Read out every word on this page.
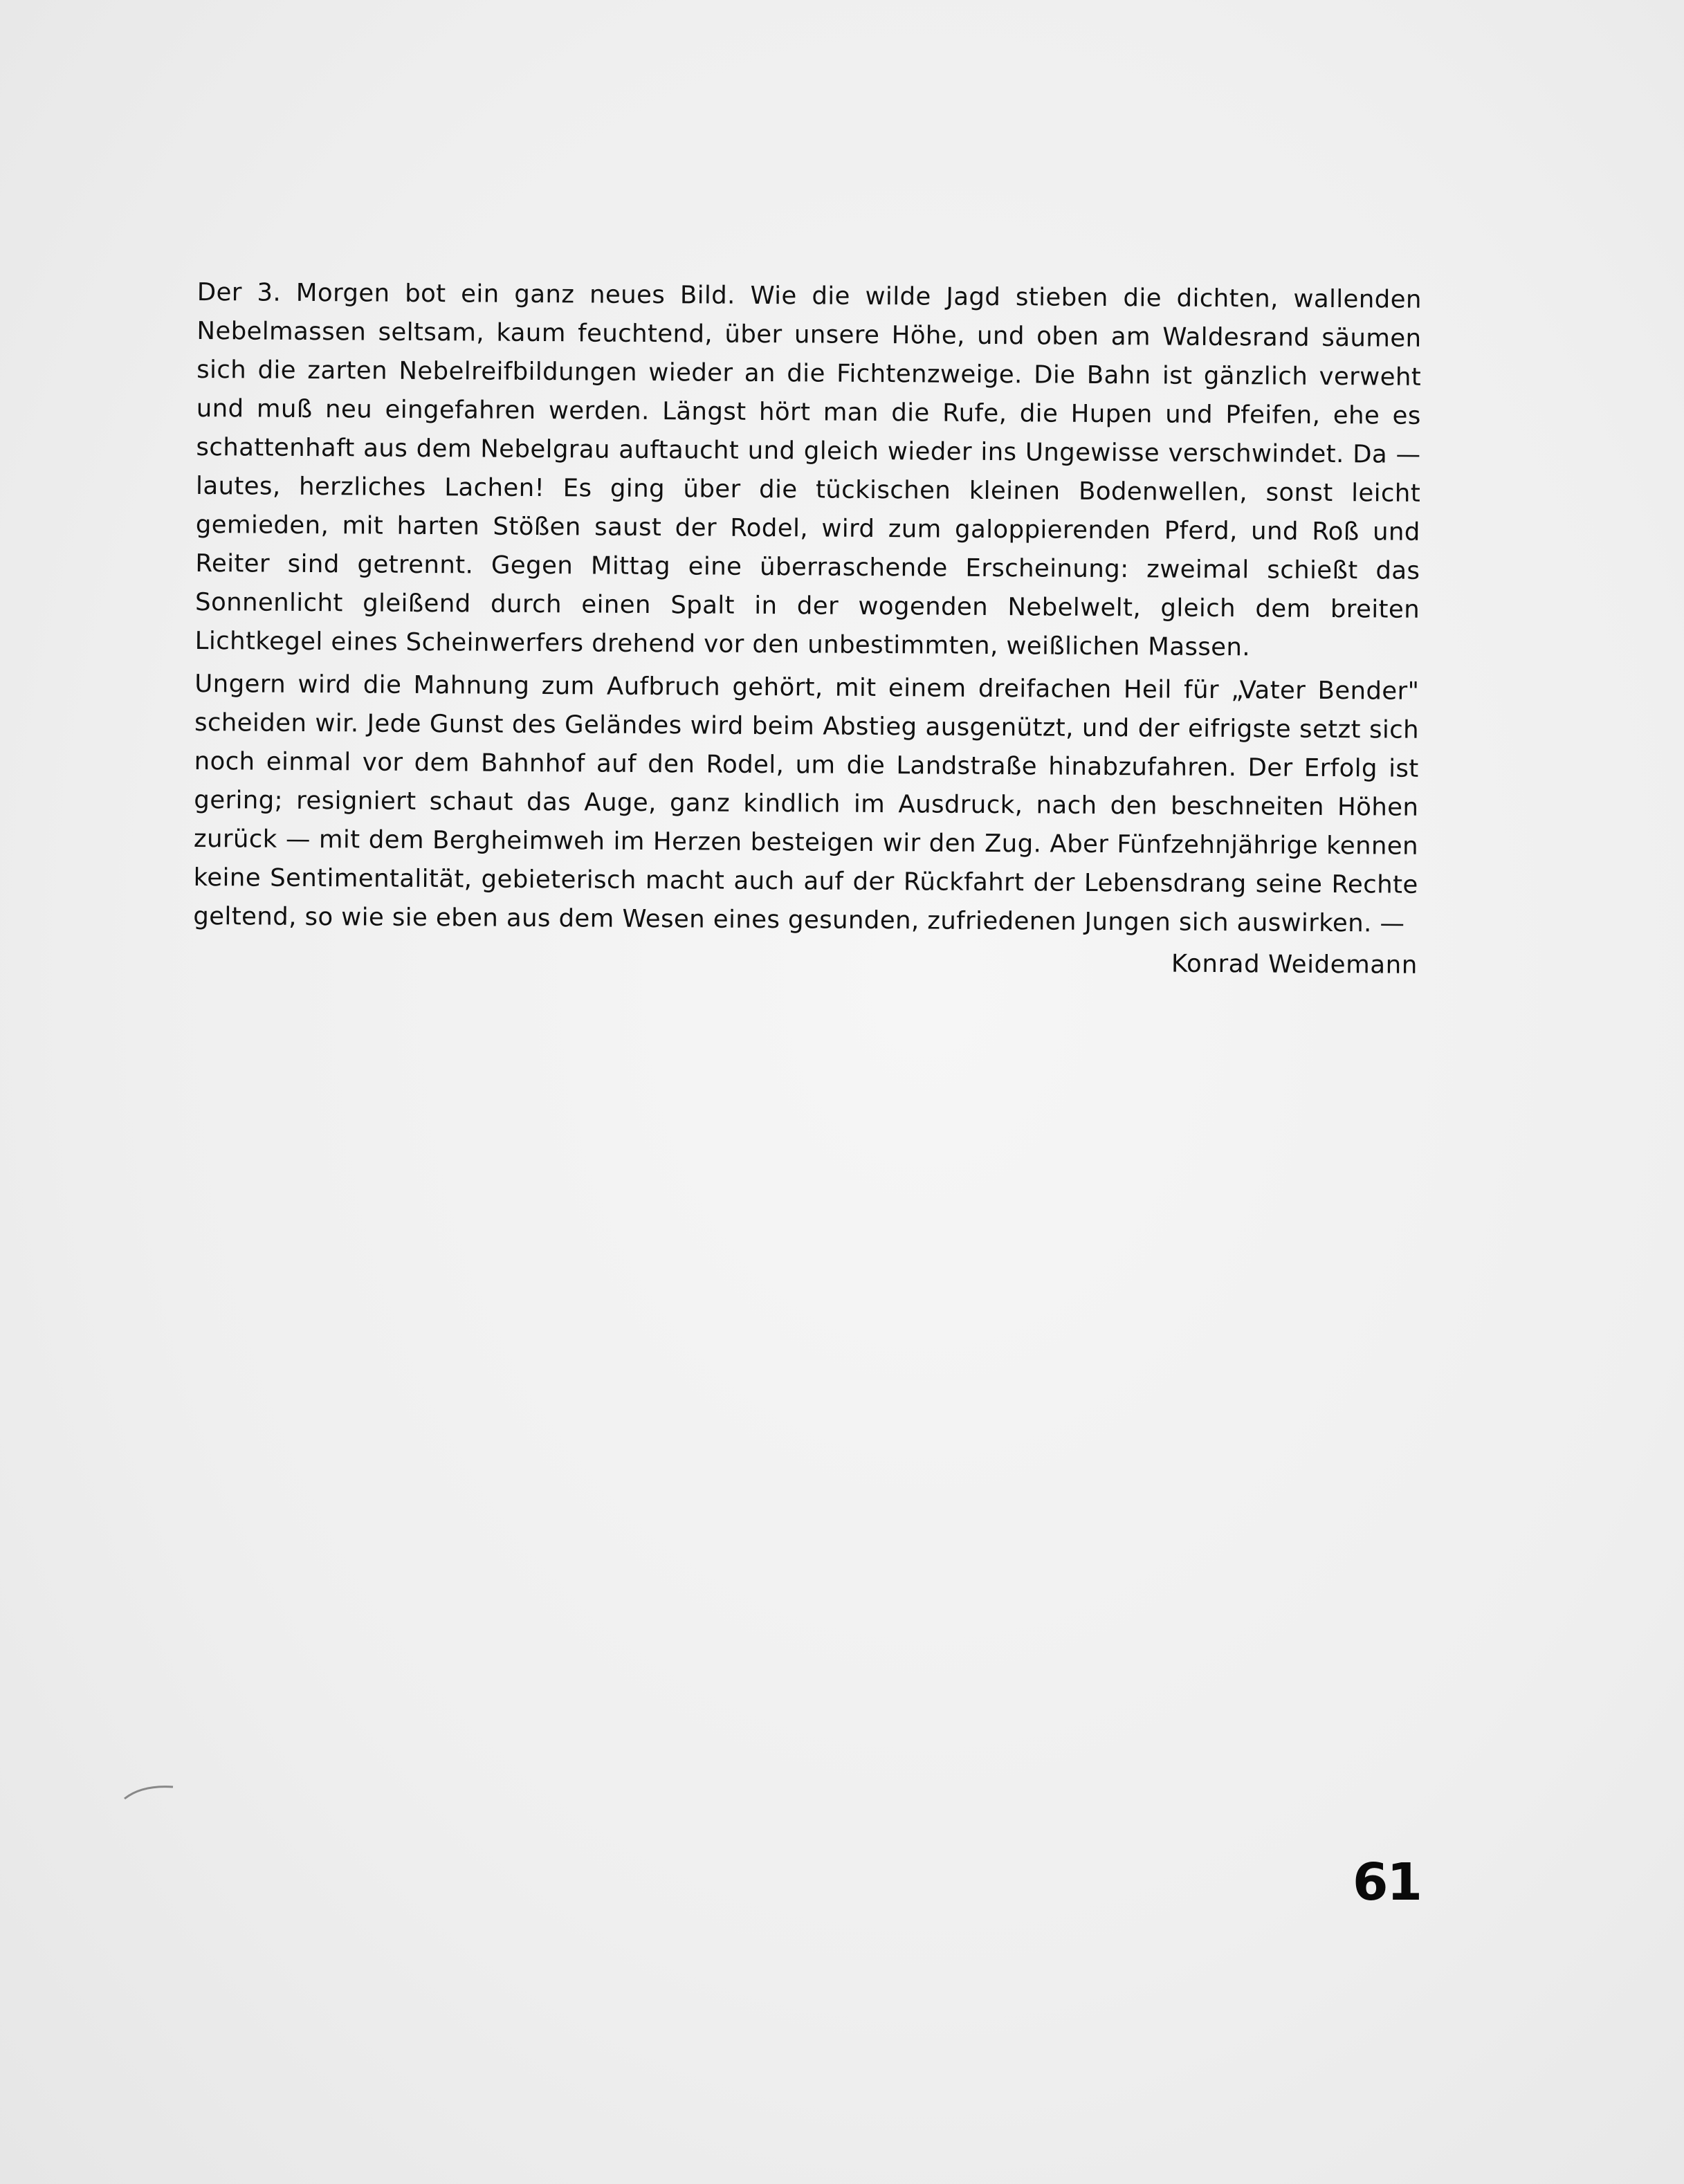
Der 3. Morgen bot ein ganz neues Bild. Wie die wilde Jagd stieben die dichten, wallenden Nebelmassen seltsam, kaum feuchtend, über unsere Höhe, und oben am Waldesrand säumen sich die zarten Nebelreifbildungen wieder an die Fichtenzweige. Die Bahn ist gänzlich verweht und muß neu eingefahren werden. Längst hört man die Rufe, die Hupen und Pfeifen, ehe es schattenhaft aus dem Nebelgrau auftaucht und gleich wieder ins Ungewisse verschwindet. Da — lautes, herzliches Lachen! Es ging über die tückischen kleinen Bodenwellen, sonst leicht gemieden, mit harten Stößen saust der Rodel, wird zum galoppierenden Pferd, und Roß und Reiter sind getrennt. Gegen Mittag eine überraschende Erscheinung: zweimal schießt das Sonnenlicht gleißend durch einen Spalt in der wogenden Nebelwelt, gleich dem breiten Lichtkegel eines Scheinwerfers drehend vor den unbestimmten, weißlichen Massen.

Ungern wird die Mahnung zum Aufbruch gehört, mit einem dreifachen Heil für „Vater Bender" scheiden wir. Jede Gunst des Geländes wird beim Abstieg ausgenützt, und der eifrigste setzt sich noch einmal vor dem Bahnhof auf den Rodel, um die Landstraße hinabzufahren. Der Erfolg ist gering; resigniert schaut das Auge, ganz kindlich im Ausdruck, nach den beschneiten Höhen zurück — mit dem Bergheimweh im Herzen besteigen wir den Zug. Aber Fünfzehnjährige kennen keine Sentimentalität, gebieterisch macht auch auf der Rückfahrt der Lebensdrang seine Rechte geltend, so wie sie eben aus dem Wesen eines gesunden, zufriedenen Jungen sich auswirken. —

Konrad Weidemann

61
